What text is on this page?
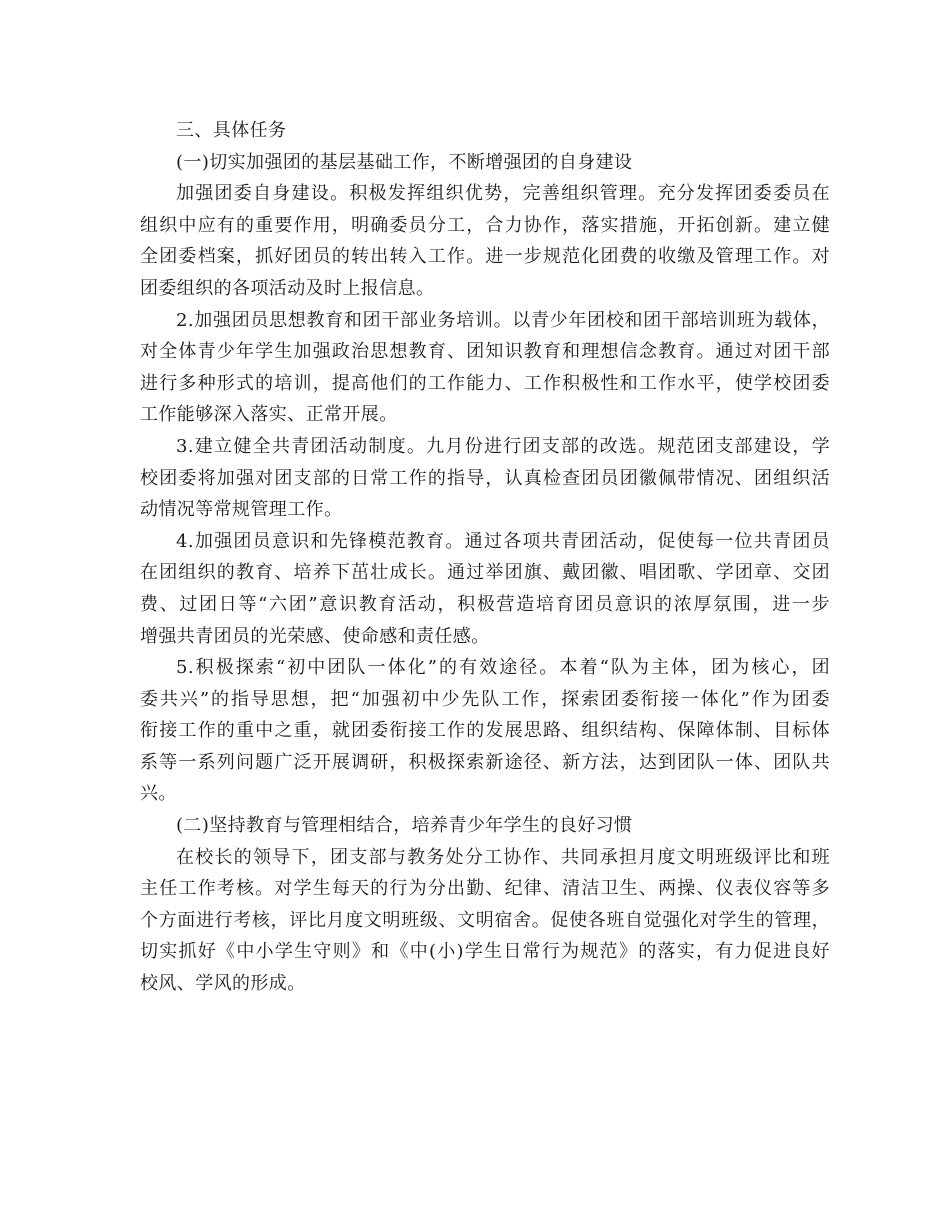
三、具体任务

(一)切实加强团的基层基础工作，不断增强团的自身建设

加强团委自身建设。积极发挥组织优势，完善组织管理。充分发挥团委委员在

组织中应有的重要作用，明确委员分工，合力协作，落实措施，开拓创新。建立健

全团委档案，抓好团员的转出转入工作。进一步规范化团费的收缴及管理工作。对

团委组织的各项活动及时上报信息。

2.加强团员思想教育和团干部业务培训。以青少年团校和团干部培训班为载体，

对全体青少年学生加强政治思想教育、团知识教育和理想信念教育。通过对团干部

进行多种形式的培训，提高他们的工作能力、工作积极性和工作水平，使学校团委

工作能够深入落实、正常开展。

3.建立健全共青团活动制度。九月份进行团支部的改选。规范团支部建设，学

校团委将加强对团支部的日常工作的指导，认真检查团员团徽佩带情况、团组织活

动情况等常规管理工作。

4.加强团员意识和先锋模范教育。通过各项共青团活动，促使每一位共青团员

在团组织的教育、培养下茁壮成长。通过举团旗、戴团徽、唱团歌、学团章、交团

费、过团日等“六团”意识教育活动，积极营造培育团员意识的浓厚氛围，进一步

增强共青团员的光荣感、使命感和责任感。

5.积极探索“初中团队一体化”的有效途径。本着“队为主体，团为核心，团

委共兴”的指导思想，把“加强初中少先队工作，探索团委衔接一体化”作为团委

衔接工作的重中之重，就团委衔接工作的发展思路、组织结构、保障体制、目标体

系等一系列问题广泛开展调研，积极探索新途径、新方法，达到团队一体、团队共

兴。

(二)坚持教育与管理相结合，培养青少年学生的良好习惯

在校长的领导下，团支部与教务处分工协作、共同承担月度文明班级评比和班

主任工作考核。对学生每天的行为分出勤、纪律、清洁卫生、两操、仪表仪容等多

个方面进行考核，评比月度文明班级、文明宿舍。促使各班自觉强化对学生的管理，

切实抓好《中小学生守则》和《中(小)学生日常行为规范》的落实，有力促进良好

校风、学风的形成。
